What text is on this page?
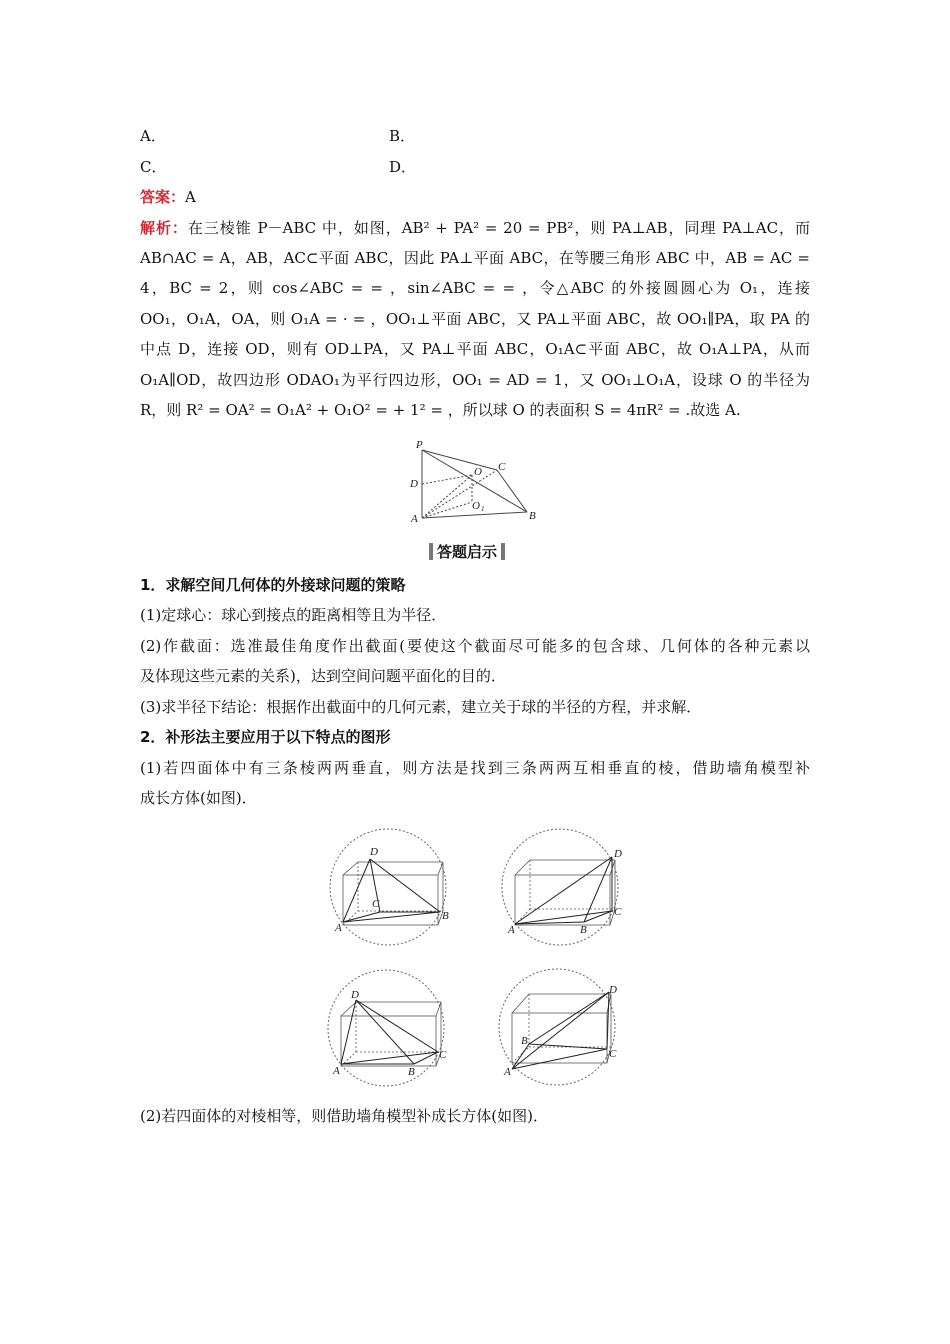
A．	B．
C．	D．
答案：A
解析：在三棱锥 P－ABC 中，如图，AB² + PA² = 20 = PB²，则 PA⊥AB，同理 PA⊥AC，而
AB∩AC = A，AB，AC⊂平面 ABC，因此 PA⊥平面 ABC，在等腰三角形 ABC 中，AB = AC =
4，BC = 2，则 cos∠ABC = = ，sin∠ABC = = ，令△ABC 的外接圆圆心为 O₁，连接
OO₁，O₁A，OA，则 O₁A = · = ，OO₁⊥平面 ABC，又 PA⊥平面 ABC，故 OO₁∥PA，取 PA 的
中点 D，连接 OD，则有 OD⊥PA，又 PA⊥平面 ABC，O₁A⊂平面 ABC，故 O₁A⊥PA，从而
O₁A∥OD，故四边形 ODAO₁为平行四边形，OO₁ = AD = 1，又 OO₁⊥O₁A，设球 O 的半径为
R，则 R² = OA² = O₁A² + O₁O² = + 1² = ，所以球 O 的表面积 S = 4πR² = .故选 A.
P
O C
D
O 1
A	B
答题启示
1．求解空间几何体的外接球问题的策略
(1)定球心：球心到接点的距离相等且为半径．
(2)作截面：选准最佳角度作出截面(要使这个截面尽可能多的包含球、几何体的各种元素以
及体现这些元素的关系)，达到空间问题平面化的目的．
(3)求半径下结论：根据作出截面中的几何元素，建立关于球的半径的方程，并求解．
2．补形法主要应用于以下特点的图形
(1)若四面体中有三条棱两两垂直，则方法是找到三条两两互相垂直的棱，借助墙角模型补
成长方体(如图)．
D
C
A
B
D
C
A	B
D
C
A	B
D
C
A
B
(2)若四面体的对棱相等，则借助墙角模型补成长方体(如图)．
